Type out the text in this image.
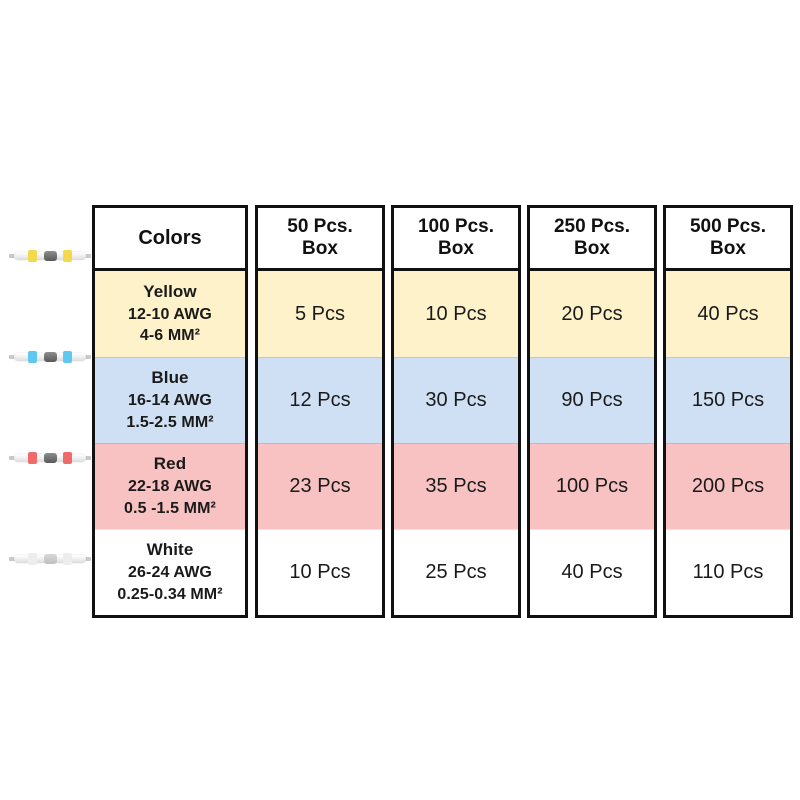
Colors
Yellow
12-10 AWG
4-6 MM²
Blue
16-14 AWG
1.5-2.5 MM²
Red
22-18 AWG
0.5 -1.5 MM²
White
26-24 AWG
0.25-0.34 MM²
50 Pcs.
Box
5 Pcs
12 Pcs
23 Pcs
10 Pcs
100 Pcs.
Box
10 Pcs
30 Pcs
35 Pcs
25 Pcs
250 Pcs.
Box
20 Pcs
90 Pcs
100 Pcs
40 Pcs
500 Pcs.
Box
40 Pcs
150 Pcs
200 Pcs
110 Pcs
